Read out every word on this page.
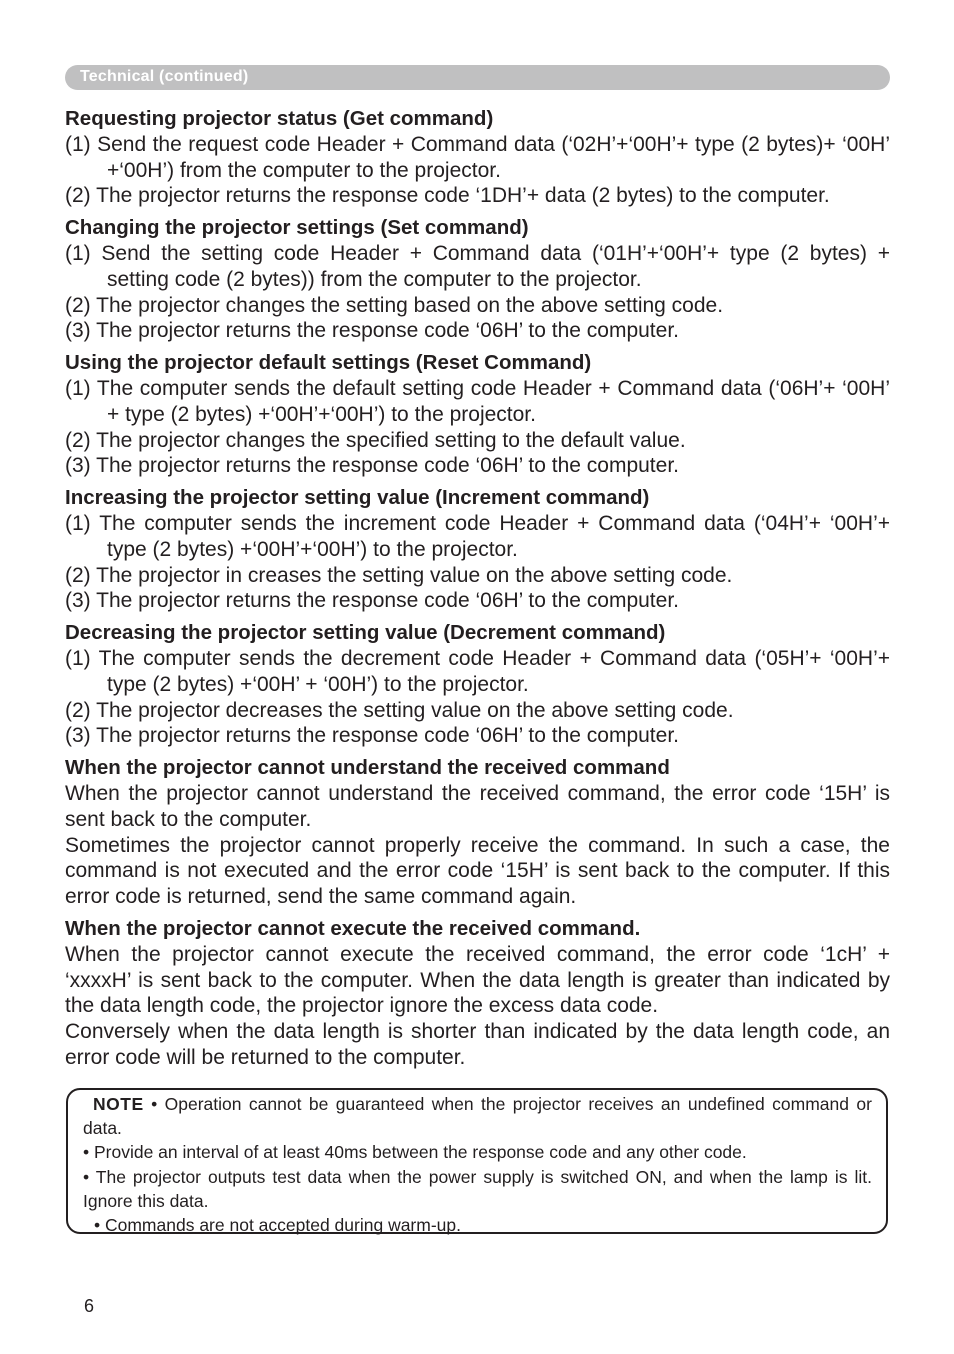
Technical (continued)
Requesting projector status (Get command)
(1) Send the request code Header + Command data (‘02H’+‘00H’+ type (2 bytes)+ ‘00H’ +‘00H’) from the computer to the projector.
(2) The projector returns the response code ‘1DH’+ data (2 bytes) to the computer.
Changing the projector settings (Set command)
(1) Send the setting code Header + Command data (‘01H’+‘00H’+ type (2 bytes) + setting code (2 bytes)) from the computer to the projector.
(2) The projector changes the setting based on the above setting code.
(3) The projector returns the response code ‘06H’ to the computer.
Using the projector default settings (Reset Command)
(1) The computer sends the default setting code Header + Command data (‘06H’+ ‘00H’ + type (2 bytes) +‘00H’+‘00H’) to the projector.
(2) The projector changes the specified setting to the default value.
(3) The projector returns the response code ‘06H’ to the computer.
Increasing the projector setting value (Increment command)
(1) The computer sends the increment code Header + Command data (‘04H’+ ‘00H’+ type (2 bytes) +‘00H’+‘00H’) to the projector.
(2) The projector in creases the setting value on the above setting code.
(3) The projector returns the response code ‘06H’ to the computer.
Decreasing the projector setting value (Decrement command)
(1) The computer sends the decrement code Header + Command data (‘05H’+ ‘00H’+ type (2 bytes) +‘00H’ + ‘00H’) to the projector.
(2) The projector decreases the setting value on the above setting code.
(3) The projector returns the response code ‘06H’ to the computer.
When the projector cannot understand the received command
When the projector cannot understand the received command, the error code ‘15H’ is sent back to the computer.
Sometimes the projector cannot properly receive the command. In such a case, the command is not executed and the error code ‘15H’ is sent back to the computer. If this error code is returned, send the same command again.
When the projector cannot execute the received command.
When the projector cannot execute the received command, the error code ‘1cH’ + ‘xxxxH’ is sent back to the computer. When the data length is greater than indicated by the data length code, the projector ignore the excess data code.
Conversely when the data length is shorter than indicated by the data length code, an error code will be returned to the computer.
NOTE • Operation cannot be guaranteed when the projector receives an undefined command or data.
• Provide an interval of at least 40ms between the response code and any other code.
• The projector outputs test data when the power supply is switched ON, and when the lamp is lit. Ignore this data.
• Commands are not accepted during warm-up.
6
